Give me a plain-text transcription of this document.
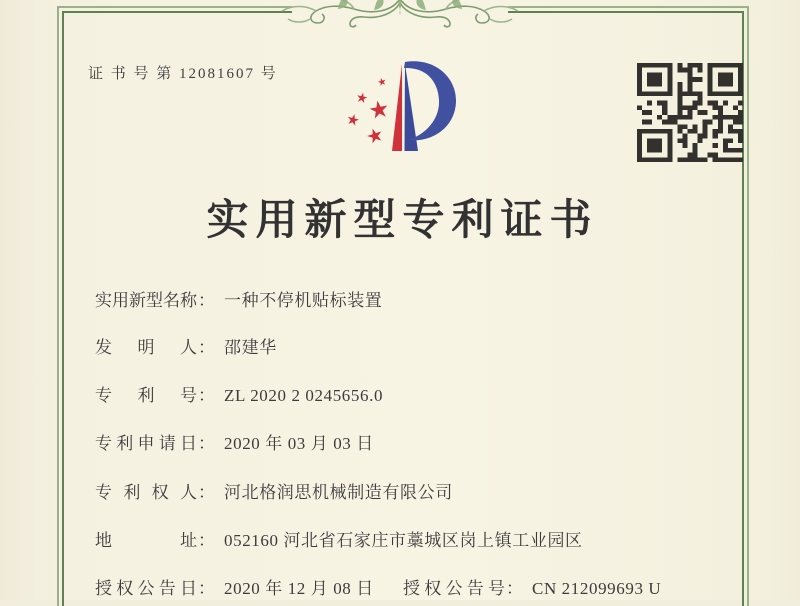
证 书 号 第 12081607 号
实用新型专利证书
实用新型名称： 一种不停机贴标装置
发明人： 邵建华
专利号： ZL 2020 2 0245656.0
专利申请日： 2020 年 03 月 03 日
专利权人： 河北格润思机械制造有限公司
地址： 052160 河北省石家庄市藁城区岗上镇工业园区
授权公告日： 2020 年 12 月 08 日 授权公告号： CN 212099693 U
